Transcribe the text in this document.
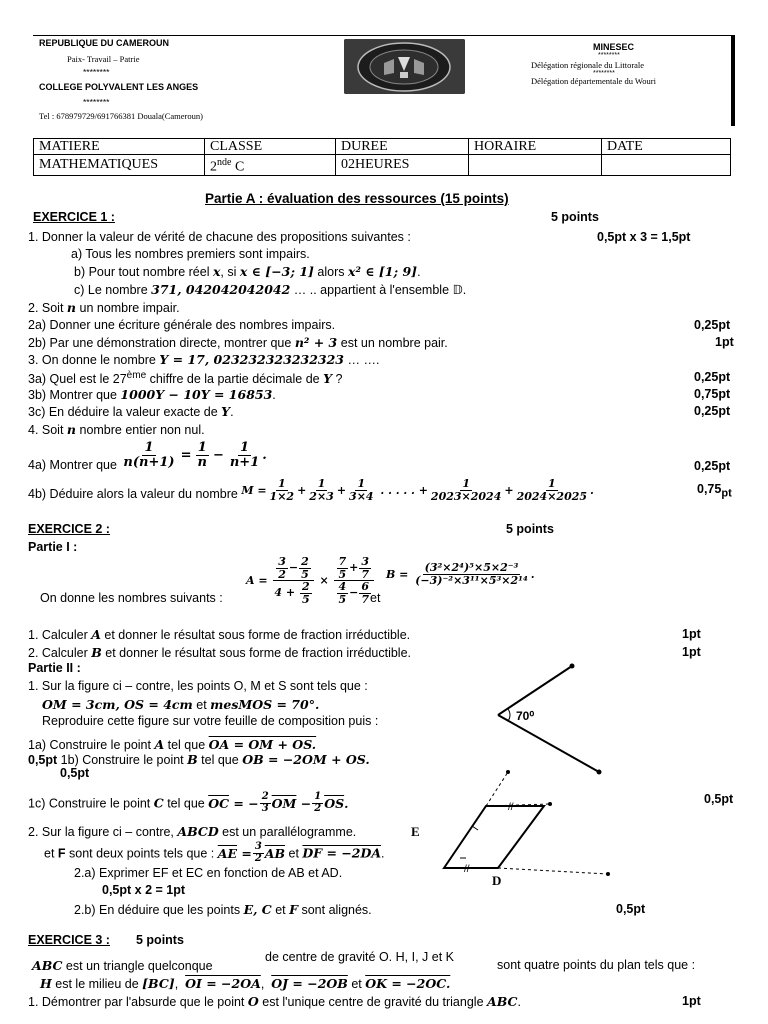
REPUBLIQUE DU CAMEROUN
Paix- Travail – Patrie
********
COLLEGE POLYVALENT LES ANGES
********
Tel : 678979729/691766381 Douala(Cameroun)
MINESEC
********
Délégation régionale du Littorale
********
Délégation départementale du Wouri
MATIERE	CLASSE	DUREE	HORAIRE	DATE
MATHEMATIQUES	2nde C	02HEURES		
Partie A : évaluation des ressources (15 points)
EXERCICE 1 :	5 points
1. Donner la valeur de vérité de chacune des propositions suivantes :	0,5pt x 3 = 1,5pt
a) Tous les nombres premiers sont impairs.
b) Pour tout nombre réel x, si x ∈ [−3; 1] alors x² ∈ [1; 9].
c) Le nombre 371, 042042042042 … .. appartient à l'ensemble 𝔻.
2. Soit n un nombre impair.
2a) Donner une écriture générale des nombres impairs.	0,25pt
2b) Par une démonstration directe, montrer que n² + 3 est un nombre pair.	1pt
3. On donne le nombre Y = 17, 023232323232323 … ….
3a) Quel est le 27ème chiffre de la partie décimale de Y ?	0,25pt
3b) Montrer que 1000Y − 10Y = 16853.	0,75pt
3c) En déduire la valeur exacte de Y.	0,25pt
4. Soit n nombre entier non nul.
4a) Montrer que $\frac{1}{n(n+1)} = \frac{1}{n} - \frac{1}{n+1}$ .
0,25pt
4b) Déduire alors la valeur du nombre $M = \frac{1}{1\times 2} + \frac{1}{2\times 3} + \frac{1}{3\times 4}$ . . . . . + $\frac{1}{2023\times 2024} + \frac{1}{2024\times 2025}$ .	$0,75_{pt}$
EXERCICE 2 :	5 points
Partie I :
On donne les nombres suivants :
$A = \frac{\frac{3}{2} - \frac{2}{5}}{4 + \frac{2}{5}} \times \frac{\frac{7}{5} + \frac{3}{7}}{\frac{4}{5} - \frac{6}{7}}$
et
$B = \frac{\text{(3²×2⁴)⁵×5×2⁻³}}{\text{(−3)⁻²×3¹¹×5³×2¹⁴}}$ .
1. Calculer A et donner le résultat sous forme de fraction irréductible.	1pt
2. Calculer B et donner le résultat sous forme de fraction irréductible.	1pt
Partie II :
1. Sur la figure ci – contre, les points O, M et S sont tels que :
OM = 3cm, OS = 4cm et mesMOS = 70°.
Reproduire cette figure sur votre feuille de composition puis :
1a) Construire le point A tel que OA = OM + OS.
0,5pt 1b) Construire le point B tel que OB = −2OM + OS.
0,5pt
1c) Construire le point C tel que $\overline{OC}$ = − $\frac{2}{3} \overline{OM} - \frac{1}{2} \overline{OS}$ .	0,5pt
2. Sur la figure ci – contre, ABCD est un parallélogramme.	E
et F sont deux points tels que : $\overline{AE} = \frac{3}{2} \overline{AB}$ et DF = −2DA.
2.a) Exprimer EF et EC en fonction de AB et AD.
0,5pt x 2 = 1pt
2.b) En déduire que les points E, C et F sont alignés.	0,5pt
70⁰
//
//
D
EXERCICE 3 : 5 points
de centre de gravité O. H, I, J et K
ABC est un triangle quelconque	sont quatre points du plan tels que :
H est le milieu de [BC],  OI = −2OA,  OJ = −2OB et OK = −2OC.
1. Démontrer par l'absurde que le point O est l'unique centre de gravité du triangle ABC.	1pt
